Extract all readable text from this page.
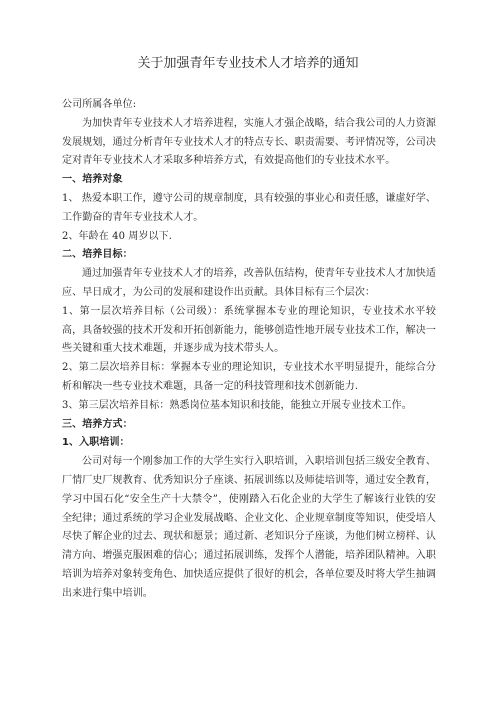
关于加强青年专业技术人才培养的通知

公司所属各单位:

为加快青年专业技术人才培养进程，实施人才强企战略，结合我公司的人力资源发展规划，通过分析青年专业技术人才的特点专长、职责需要、考评情况等，公司决定对青年专业技术人才采取多种培养方式，有效提高他们的专业技术水平。

一、培养对象

1、 热爱本职工作，遵守公司的规章制度，具有较强的事业心和责任感，谦虚好学、工作勤奋的青年专业技术人才。

2、年龄在 40 周岁以下.

二、培养目标：

通过加强青年专业技术人才的培养，改善队伍结构，使青年专业技术人才加快适应、早日成才，为公司的发展和建设作出贡献。具体目标有三个层次：

1、第一层次培养目标（公司级）：系统掌握本专业的理论知识，专业技术水平较高，具备较强的技术开发和开拓创新能力，能够创造性地开展专业技术工作，解决一些关键和重大技术难题，并逐步成为技术带头人。

2、第二层次培养目标：掌握本专业的理论知识，专业技术水平明显提升，能综合分析和解决一些专业技术难题，具备一定的科技管理和技术创新能力.

3、第三层次培养目标：熟悉岗位基本知识和技能，能独立开展专业技术工作。

三、培养方式：

1、入职培训：

公司对每一个刚参加工作的大学生实行入职培训，入职培训包括三级安全教育、厂情厂史厂规教育、优秀知识分子座谈、拓展训练以及师徒培训等，通过安全教育，学习中国石化“安全生产十大禁令”，使刚踏入石化企业的大学生了解该行业铁的安全纪律；通过系统的学习企业发展战略、企业文化、企业规章制度等知识，使受培人尽快了解企业的过去、现状和愿景；通过新、老知识分子座谈，为他们树立榜样、认清方向、增强克服困难的信心；通过拓展训练，发挥个人潜能，培养团队精神。入职培训为培养对象转变角色、加快适应提供了很好的机会，各单位要及时将大学生抽调出来进行集中培训。
